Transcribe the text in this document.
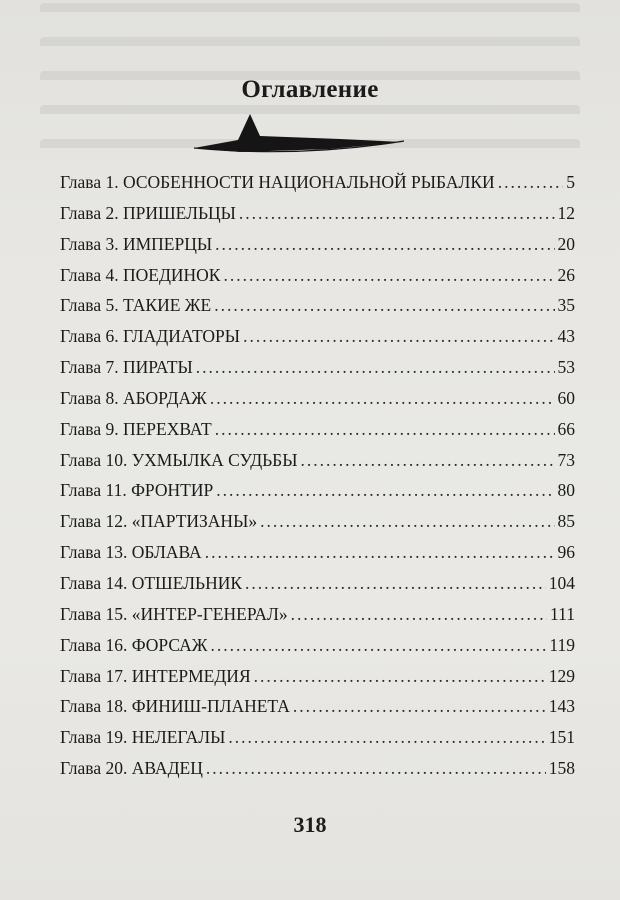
Оглавление
Глава 1. ОСОБЕННОСТИ НАЦИОНАЛЬНОЙ РЫБАЛКИ .....	5
Глава 2. ПРИШЕЛЬЦЫ .....	12
Глава 3. ИМПЕРЦЫ .....	20
Глава 4. ПОЕДИНОК .....	26
Глава 5. ТАКИЕ ЖЕ .....	35
Глава 6. ГЛАДИАТОРЫ .....	43
Глава 7. ПИРАТЫ .....	53
Глава 8. АБОРДАЖ .....	60
Глава 9. ПЕРЕХВАТ .....	66
Глава 10. УХМЫЛКА СУДЬБЫ .....	73
Глава 11. ФРОНТИР .....	80
Глава 12. «ПАРТИЗАНЫ» .....	85
Глава 13. ОБЛАВА .....	96
Глава 14. ОТШЕЛЬНИК .....	104
Глава 15. «ИНТЕР-ГЕНЕРАЛ» .....	111
Глава 16. ФОРСАЖ .....	119
Глава 17. ИНТЕРМЕДИЯ .....	129
Глава 18. ФИНИШ-ПЛАНЕТА .....	143
Глава 19. НЕЛЕГАЛЫ .....	151
Глава 20. АВАДЕЦ .....	158
318
